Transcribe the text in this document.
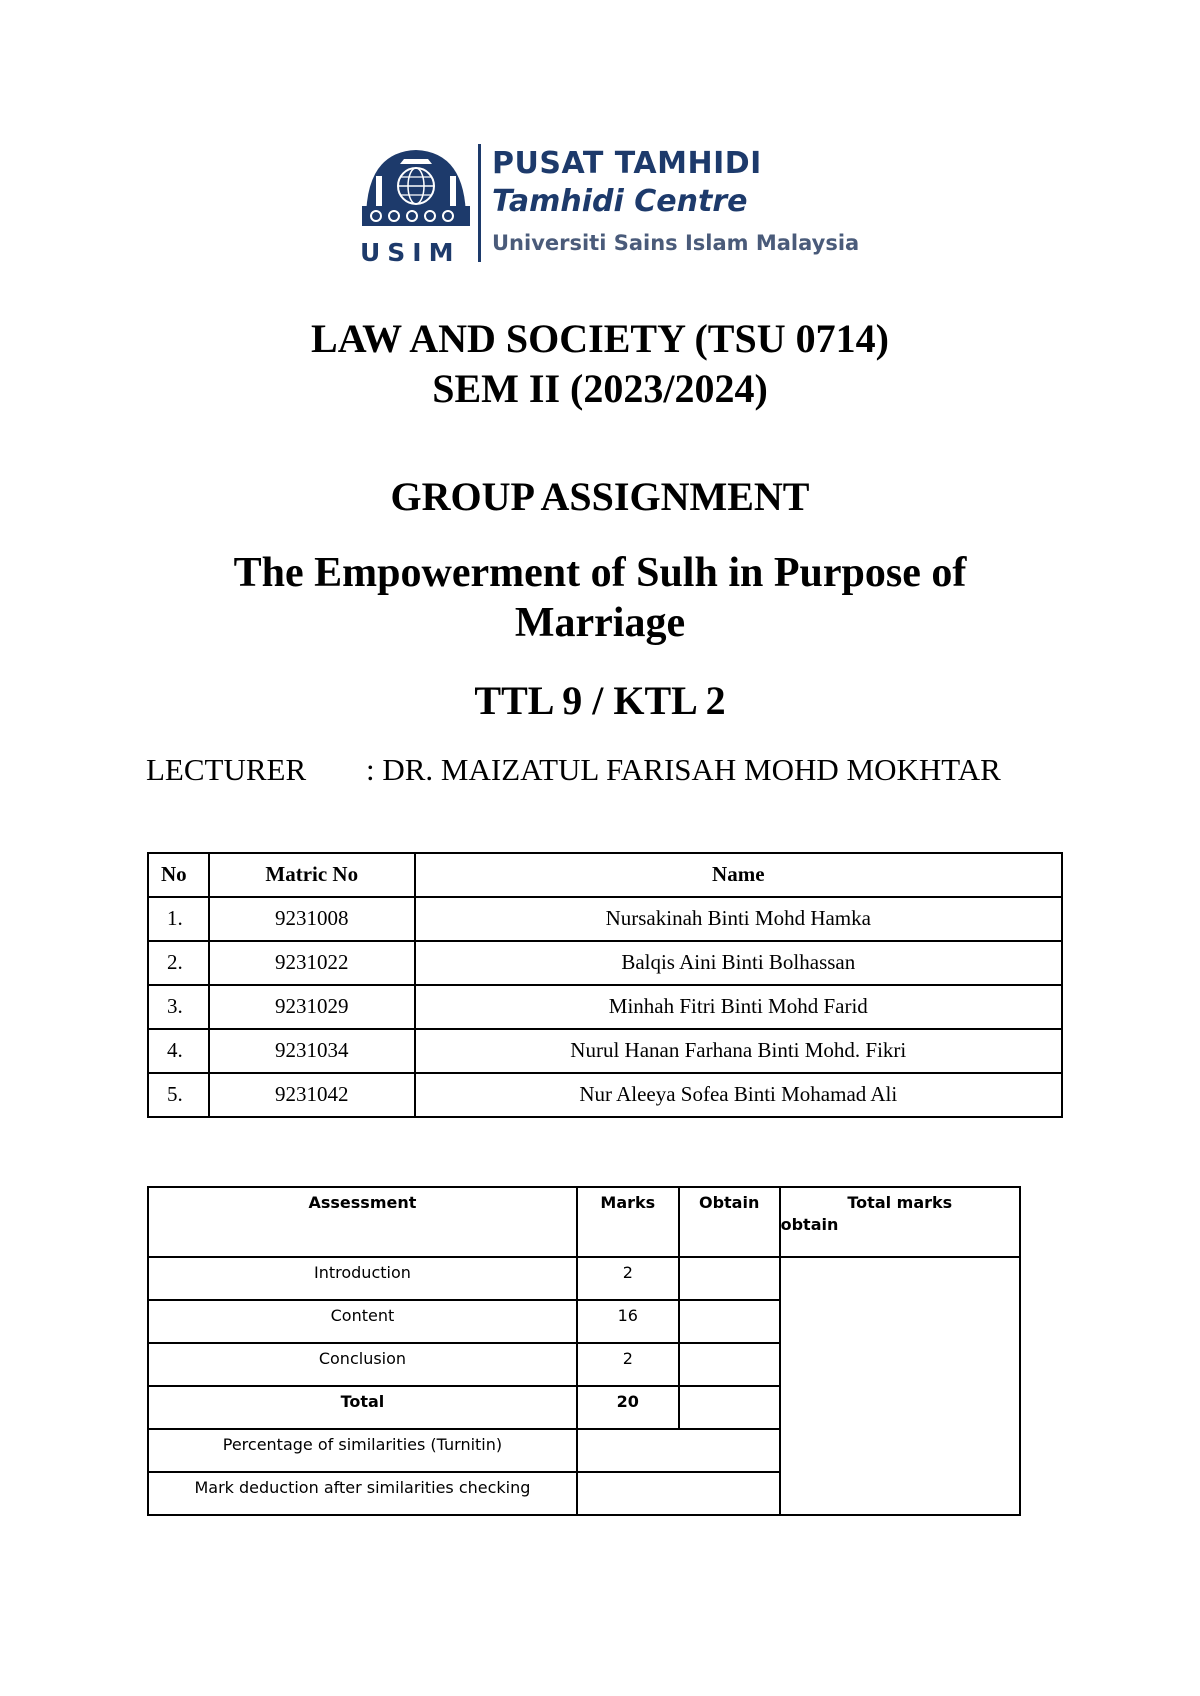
USIM
PUSAT TAMHIDI
Tamhidi Centre
Universiti Sains Islam Malaysia
LAW AND SOCIETY (TSU 0714)
SEM II (2023/2024)
GROUP ASSIGNMENT
The Empowerment of Sulh in Purpose of
Marriage
TTL 9 / KTL 2
LECTURER : DR. MAIZATUL FARISAH MOHD MOKHTAR
No	Matric No	Name
1.	9231008	Nursakinah Binti Mohd Hamka
2.	9231022	Balqis Aini Binti Bolhassan
3.	9231029	Minhah Fitri Binti Mohd Farid
4.	9231034	Nurul Hanan Farhana Binti Mohd. Fikri
5.	9231042	Nur Aleeya Sofea Binti Mohamad Ali
Assessment	Marks	Obtain	Total marks
obtain
Introduction	2		
Content	16		
Conclusion	2		
Total	20		
Percentage of similarities (Turnitin)			
Mark deduction after similarities checking			
